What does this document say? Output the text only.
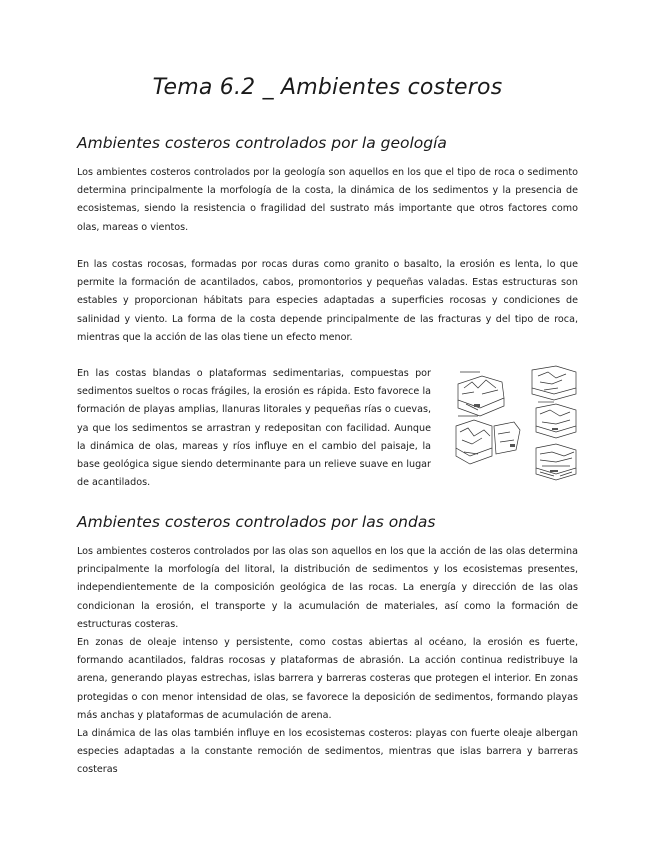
Tema 6.2 _ Ambientes costeros
Ambientes costeros controlados por la geología

Los ambientes costeros controlados por la geología son aquellos en los que el tipo de roca o sedimento determina principalmente la morfología de la costa, la dinámica de los sedimentos y la presencia de ecosistemas, siendo la resistencia o fragilidad del sustrato más importante que otros factores como olas, mareas o vientos.

En las costas rocosas, formadas por rocas duras como granito o basalto, la erosión es lenta, lo que permite la formación de acantilados, cabos, promontorios y pequeñas valadas. Estas estructuras son estables y proporcionan hábitats para especies adaptadas a superficies rocosas y condiciones de salinidad y viento. La forma de la costa depende principalmente de las fracturas y del tipo de roca, mientras que la acción de las olas tiene un efecto menor.

En las costas blandas o plataformas sedimentarias, compuestas por sedimentos sueltos o rocas frágiles, la erosión es rápida. Esto favorece la formación de playas amplias, llanuras litorales y pequeñas rías o cuevas, ya que los sedimentos se arrastran y redepositan con facilidad. Aunque la dinámica de olas, mareas y ríos influye en el cambio del paisaje, la base geológica sigue siendo determinante para un relieve suave en lugar de acantilados.

Ambientes costeros controlados por las ondas

Los ambientes costeros controlados por las olas son aquellos en los que la acción de las olas determina principalmente la morfología del litoral, la distribución de sedimentos y los ecosistemas presentes, independientemente de la composición geológica de las rocas. La energía y dirección de las olas condicionan la erosión, el transporte y la acumulación de materiales, así como la formación de estructuras costeras.

En zonas de oleaje intenso y persistente, como costas abiertas al océano, la erosión es fuerte, formando acantilados, faldras rocosas y plataformas de abrasión. La acción continua redistribuye la arena, generando playas estrechas, islas barrera y barreras costeras que protegen el interior. En zonas protegidas o con menor intensidad de olas, se favorece la deposición de sedimentos, formando playas más anchas y plataformas de acumulación de arena.

La dinámica de las olas también influye en los ecosistemas costeros: playas con fuerte oleaje albergan especies adaptadas a la constante remoción de sedimentos, mientras que islas barrera y barreras costeras
